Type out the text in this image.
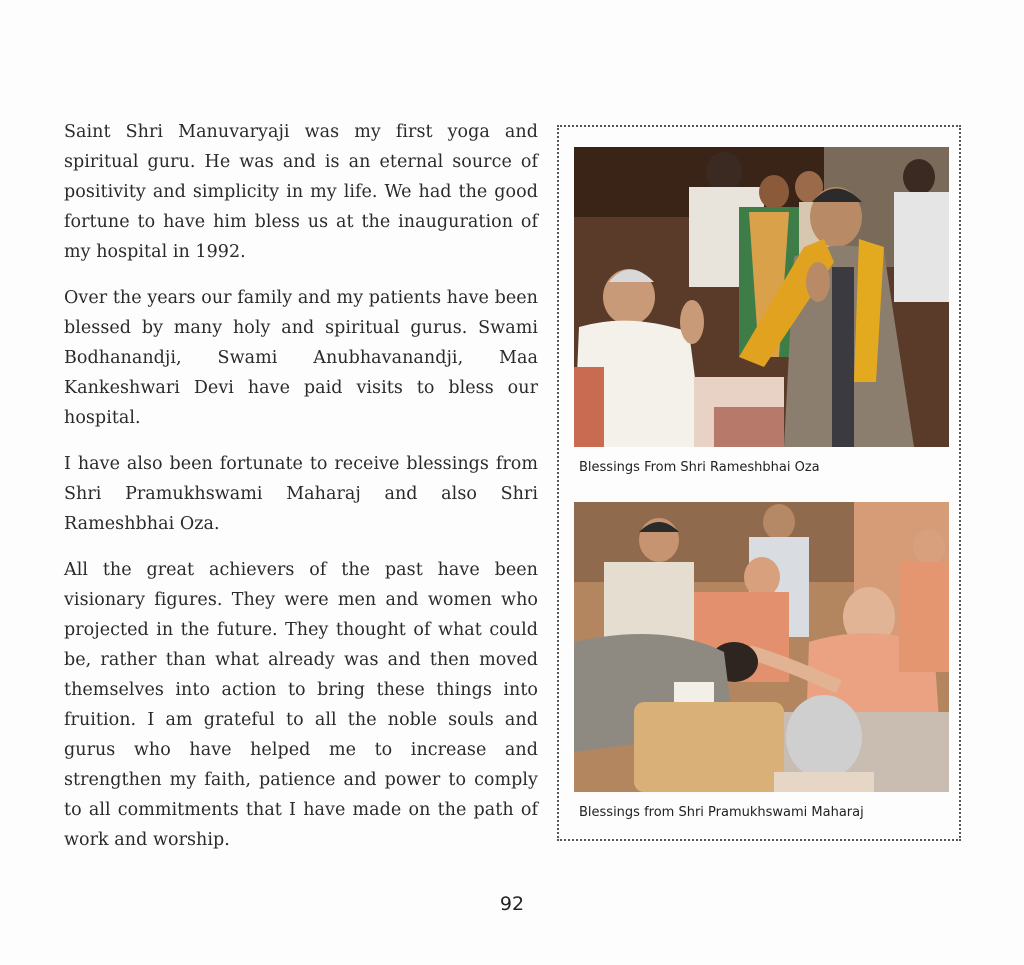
Saint Shri Manuvaryaji was my first yoga and spiritual guru. He was and is an eternal source of positivity and simplicity in my life. We had the good fortune to have him bless us at the inauguration of my hospital in 1992.

Over the years our family and my patients have been blessed by many holy and spiritual gurus. Swami Bodhanandji, Swami Anubhavanandji, Maa Kankeshwari Devi have paid visits to bless our hospital.

I have also been fortunate to receive blessings from Shri Pramukhswami Maharaj and also Shri Rameshbhai Oza.

All the great achievers of the past have been visionary figures. They were men and women who projected in the future. They thought of what could be, rather than what already was and then moved themselves into action to bring these things into fruition. I am grateful to all the noble souls and gurus who have helped me to increase and strengthen my faith, patience and power to comply to all commitments that I have made on the path of work and worship.

Blessings From Shri Rameshbhai Oza
Blessings from Shri Pramukhswami Maharaj
92
